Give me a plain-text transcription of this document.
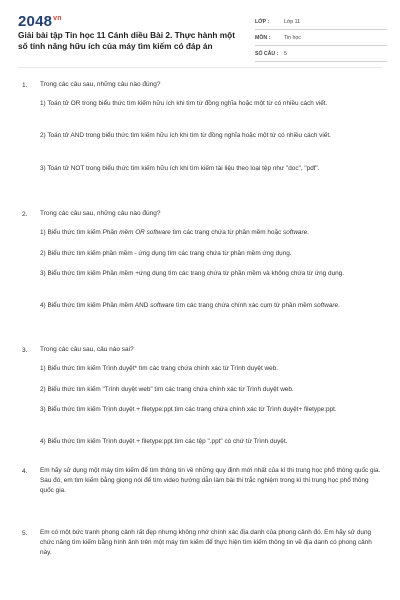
$2048^{vn}$
Giải bài tập Tin học 11 Cánh diều Bài 2. Thực hành một số tính năng hữu ích của máy tìm kiếm có đáp án
LỚP :	Lớp 11
MÔN :	Tin học
SỐ CÂU :	5
1. Trong các câu sau, những câu nào đúng?
1) Toán tử OR trong biểu thức tìm kiếm hữu ích khi tìm từ đồng nghĩa hoặc một từ có nhiều cách viết.
2) Toán tử AND trong biểu thức tìm kiếm hữu ích khi tìm từ đồng nghĩa hoặc một từ có nhiều cách viết.
3) Toán tử NOT trong biểu thức tìm kiếm hữu ích khi tìm kiếm tài liệu theo loại tệp như "doc", "pdf".
2. Trong các câu sau, những câu nào đúng?
1) Biểu thức tìm kiếm Phần mềm OR software tìm các trang chứa từ phần mềm hoặc software.
2) Biểu thức tìm kiếm phần mềm - ứng dụng tìm các trang chứa từ phần mềm ứng dụng.
3) Biểu thức tìm kiếm Phần mềm +ứng dụng tìm các trang chứa từ phần mềm và không chứa từ ứng dụng.
4) Biểu thức tìm kiếm Phần mềm AND software tìm các trang chứa chính xác cụm từ phần mềm software.
3. Trong các câu sau, câu nào sai?
1) Biểu thức tìm kiếm Trình duyệt* tìm các trang chứa chính xác từ Trình duyệt web.
2) Biểu thức tìm kiếm "Trình duyệt web" tìm các trang chứa chính xác từ Trình duyệt web.
3) Biểu thức tìm kiếm Trình duyệt + filetype:ppt tìm các trang chứa chính xác từ Trình duyệt+ filetype:ppt.
4) Biểu thức tìm kiếm Trình duyệt + filetype:ppt tìm các tệp ".ppt" có chứ từ Trình duyệt.
4. Em hãy sử dụng một máy tìm kiếm để tìm thông tin về những quy định mới nhất của kì thi trung học phổ thông quốc gia. Sau đó, em tìm kiếm bằng giọng nói để tìm video hướng dẫn làm bài thi trắc nghiệm trong kì thi trung học phổ thông quốc gia.
5. Em có một bức tranh phong cảnh rất đẹp nhưng không nhớ chính xác địa danh của phong cảnh đó. Em hãy sử dụng chức năng tìm kiếm bằng hình ảnh trên một máy tìm kiếm để thực hiện tìm kiếm thông tin về địa danh có phong cảnh này.
